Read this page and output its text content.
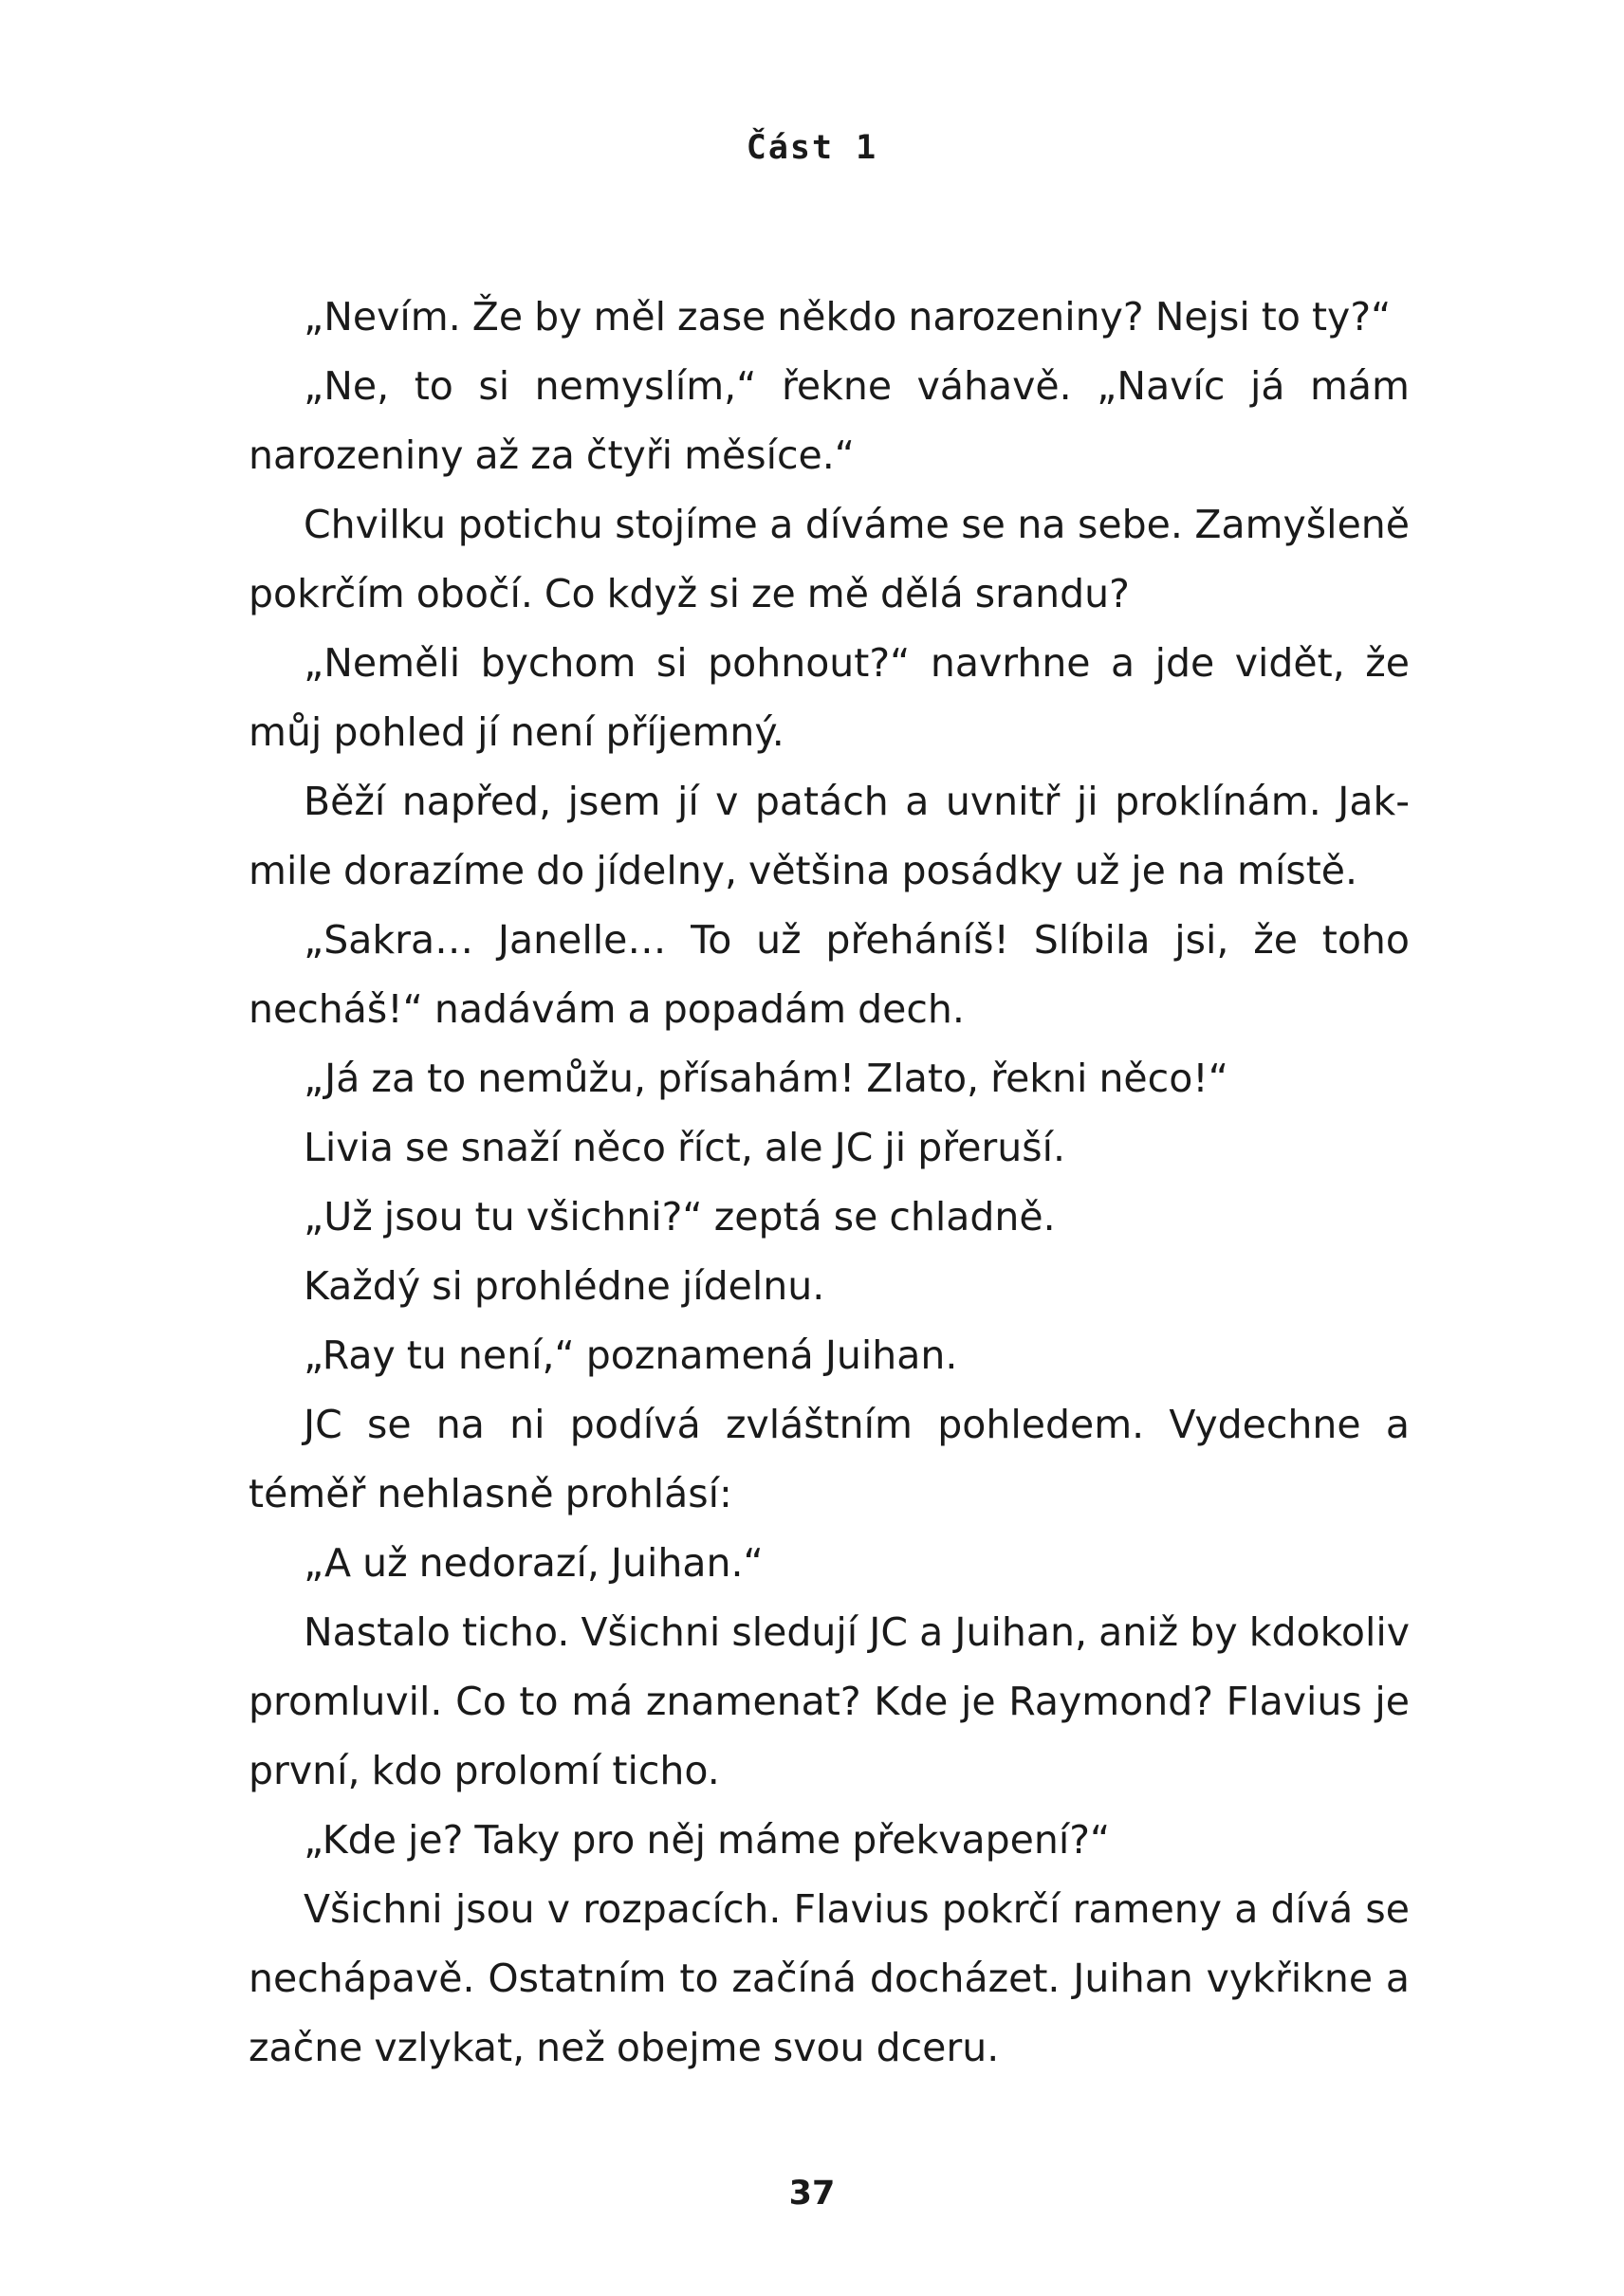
Část 1

„Nevím. Že by měl zase někdo narozeniny? Nejsi to ty?“

„Ne, to si nemyslím,“ řekne váhavě. „Navíc já mám narozeniny až za čtyři měsíce.“

Chvilku potichu stojíme a díváme se na sebe. Zamyšleně pokrčím obočí. Co když si ze mě dělá srandu?

„Neměli bychom si pohnout?“ navrhne a jde vidět, že můj pohled jí není příjemný.

Běží napřed, jsem jí v patách a uvnitř ji proklínám. Jakmile dorazíme do jídelny, většina posádky už je na místě.

„Sakra… Janelle… To už přeháníš! Slíbila jsi, že toho necháš!“ nadávám a popadám dech.

„Já za to nemůžu, přísahám! Zlato, řekni něco!“

Livia se snaží něco říct, ale JC ji přeruší.

„Už jsou tu všichni?“ zeptá se chladně.

Každý si prohlédne jídelnu.

„Ray tu není,“ poznamená Juihan.

JC se na ni podívá zvláštním pohledem. Vydechne a téměř nehlasně prohlásí:

„A už nedorazí, Juihan.“

Nastalo ticho. Všichni sledují JC a Juihan, aniž by kdokoliv promluvil. Co to má znamenat? Kde je Raymond? Flavius je první, kdo prolomí ticho.

„Kde je? Taky pro něj máme překvapení?“

Všichni jsou v rozpacích. Flavius pokrčí rameny a dívá se nechápavě. Ostatním to začíná docházet. Juihan vykřikne a začne vzlykat, než obejme svou dceru.

37
